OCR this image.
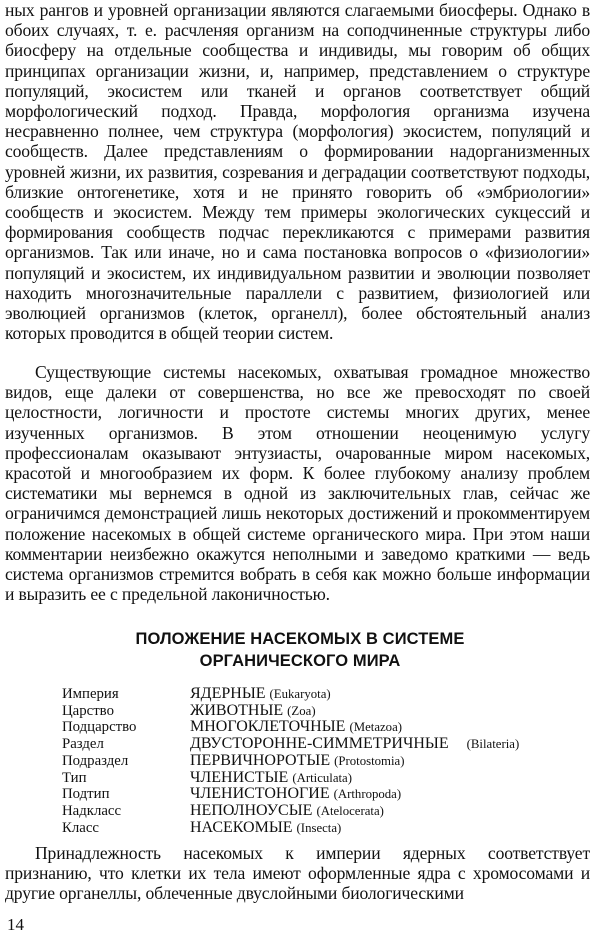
ных рангов и уровней организации являются слагаемыми биосферы. Однако в обоих случаях, т. е. расчленяя организм на соподчиненные структуры либо биосферу на отдельные сообщества и индивиды, мы говорим об общих принципах организации жизни, и, например, представлением о структуре популяций, экосистем или тканей и органов соответствует общий морфологический подход. Правда, морфология организма изучена несравненно полнее, чем структура (морфология) экосистем, популяций и сообществ. Далее представлениям о формировании надорганизменных уровней жизни, их развития, созревания и деградации соответствуют подходы, близкие онтогенетике, хотя и не принято говорить об «эмбриологии» сообществ и экосистем. Между тем примеры экологических сукцессий и формирования сообществ подчас перекликаются с примерами развития организмов. Так или иначе, но и сама постановка вопросов о «физиологии» популяций и экосистем, их индивидуальном развитии и эволюции позволяет находить многозначительные параллели с развитием, физиологией или эволюцией организмов (клеток, органелл), более обстоятельный анализ которых проводится в общей теории систем.

Существующие системы насекомых, охватывая громадное множество видов, еще далеки от совершенства, но все же превосходят по своей целостности, логичности и простоте системы многих других, менее изученных организмов. В этом отношении неоценимую услугу профессионалам оказывают энтузиасты, очарованные миром насекомых, красотой и многообразием их форм. К более глубокому анализу проблем систематики мы вернемся в одной из заключительных глав, сейчас же ограничимся демонстрацией лишь некоторых достижений и прокомментируем положение насекомых в общей системе органического мира. При этом наши комментарии неизбежно окажутся неполными и заведомо краткими — ведь система организмов стремится вобрать в себя как можно больше информации и выразить ее с предельной лаконичностью.

ПОЛОЖЕНИЕ НАСЕКОМЫХ В СИСТЕМЕ
ОРГАНИЧЕСКОГО МИРА
Империя	ЯДЕРНЫЕ (Eukaryota)
Царство	ЖИВОТНЫЕ (Zoa)
Подцарство	МНОГОКЛЕТОЧНЫЕ (Metazoa)
Раздел	ДВУСТОРОННЕ-СИММЕТРИЧНЫЕ (Bilateria)
Подраздел	ПЕРВИЧНОРОТЫЕ (Protostomia)
Тип	ЧЛЕНИСТЫЕ (Articulata)
Подтип	ЧЛЕНИСТОНОГИЕ (Arthropoda)
Надкласс	НЕПОЛНОУСЫЕ (Atelocerata)
Класс	НАСЕКОМЫЕ (Insecta)

Принадлежность насекомых к империи ядерных соответствует признанию, что клетки их тела имеют оформленные ядра с хромосомами и другие органеллы, облеченные двуслойными биологическими

14
